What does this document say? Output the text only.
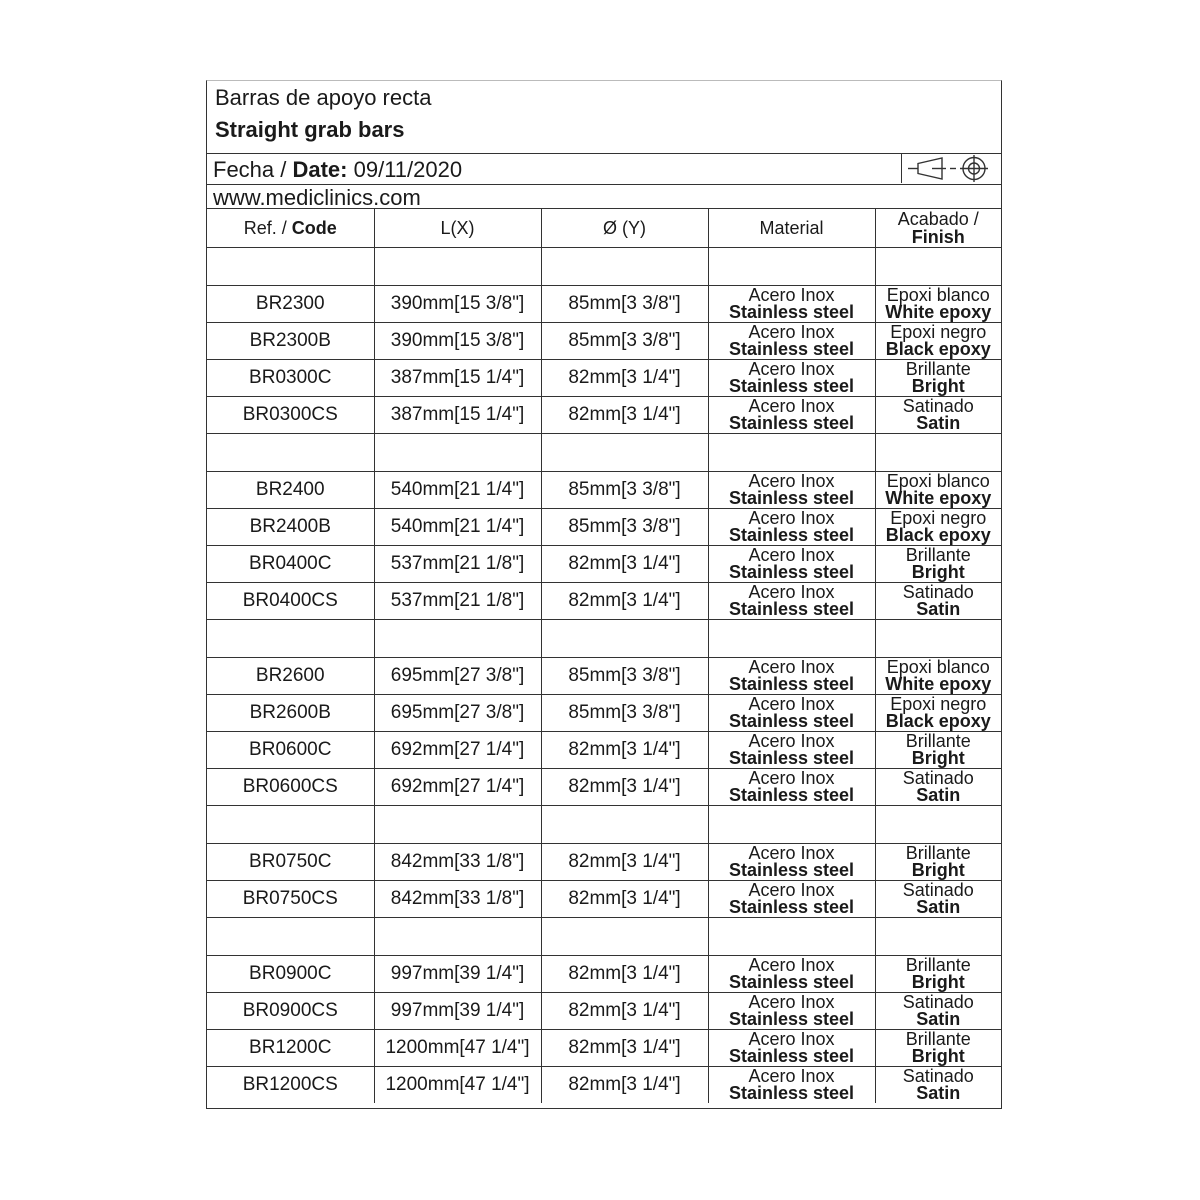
Barras de apoyo recta
Straight grab bars
Fecha / Date: 09/11/2020
www.mediclinics.com
Ref. / Code	L(X)	Ø (Y)	Material	Acabado /
Finish

BR2300	390mm[15 3/8"]	85mm[3 3/8"]	Acero Inox
Stainless steel	Epoxi blanco
White epoxy

BR2300B	390mm[15 3/8"]	85mm[3 3/8"]	Acero Inox
Stainless steel	Epoxi negro
Black epoxy

BR0300C	387mm[15 1/4"]	82mm[3 1/4"]	Acero Inox
Stainless steel	Brillante
Bright

BR0300CS	387mm[15 1/4"]	82mm[3 1/4"]	Acero Inox
Stainless steel	Satinado
Satin

BR2400	540mm[21 1/4"]	85mm[3 3/8"]	Acero Inox
Stainless steel	Epoxi blanco
White epoxy

BR2400B	540mm[21 1/4"]	85mm[3 3/8"]	Acero Inox
Stainless steel	Epoxi negro
Black epoxy

BR0400C	537mm[21 1/8"]	82mm[3 1/4"]	Acero Inox
Stainless steel	Brillante
Bright

BR0400CS	537mm[21 1/8"]	82mm[3 1/4"]	Acero Inox
Stainless steel	Satinado
Satin

BR2600	695mm[27 3/8"]	85mm[3 3/8"]	Acero Inox
Stainless steel	Epoxi blanco
White epoxy

BR2600B	695mm[27 3/8"]	85mm[3 3/8"]	Acero Inox
Stainless steel	Epoxi negro
Black epoxy

BR0600C	692mm[27 1/4"]	82mm[3 1/4"]	Acero Inox
Stainless steel	Brillante
Bright

BR0600CS	692mm[27 1/4"]	82mm[3 1/4"]	Acero Inox
Stainless steel	Satinado
Satin

BR0750C	842mm[33 1/8"]	82mm[3 1/4"]	Acero Inox
Stainless steel	Brillante
Bright

BR0750CS	842mm[33 1/8"]	82mm[3 1/4"]	Acero Inox
Stainless steel	Satinado
Satin

BR0900C	997mm[39 1/4"]	82mm[3 1/4"]	Acero Inox
Stainless steel	Brillante
Bright

BR0900CS	997mm[39 1/4"]	82mm[3 1/4"]	Acero Inox
Stainless steel	Satinado
Satin

BR1200C	1200mm[47 1/4"]	82mm[3 1/4"]	Acero Inox
Stainless steel	Brillante
Bright

BR1200CS	1200mm[47 1/4"]	82mm[3 1/4"]	Acero Inox
Stainless steel	Satinado
Satin
